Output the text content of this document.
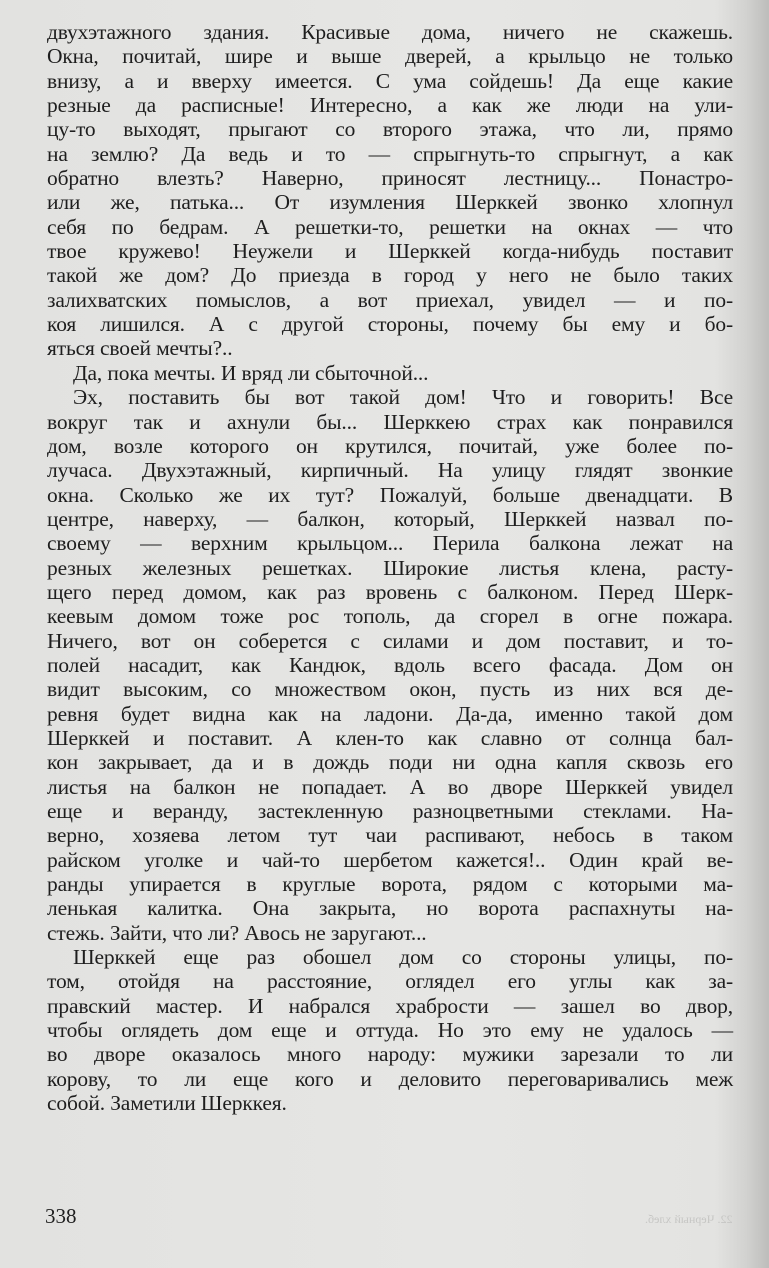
двухэтажного здания. Красивые дома, ничего не скажешь.
Окна, почитай, шире и выше дверей, а крыльцо не только
внизу, а и вверху имеется. С ума сойдешь! Да еще какие
резные да расписные! Интересно, а как же люди на ули-
цу-то выходят, прыгают со второго этажа, что ли, прямо
на землю? Да ведь и то — спрыгнуть-то спрыгнут, а как
обратно влезть? Наверно, приносят лестницу... Понастро-
или же, патька... От изумления Шерккей звонко хлопнул
себя по бедрам. А решетки-то, решетки на окнах — что
твое кружево! Неужели и Шерккей когда-нибудь поставит
такой же дом? До приезда в город у него не было таких
залихватских помыслов, а вот приехал, увидел — и по-
коя лишился. А с другой стороны, почему бы ему и бо-
яться своей мечты?..
Да, пока мечты. И вряд ли сбыточной...
Эх, поставить бы вот такой дом! Что и говорить! Все
вокруг так и ахнули бы... Шерккею страх как понравился
дом, возле которого он крутился, почитай, уже более по-
лучаса. Двухэтажный, кирпичный. На улицу глядят звонкие
окна. Сколько же их тут? Пожалуй, больше двенадцати. В
центре, наверху, — балкон, который, Шерккей назвал по-
своему — верхним крыльцом... Перила балкона лежат на
резных железных решетках. Широкие листья клена, расту-
щего перед домом, как раз вровень с балконом. Перед Шерк-
кеевым домом тоже рос тополь, да сгорел в огне пожара.
Ничего, вот он соберется с силами и дом поставит, и то-
полей насадит, как Кандюк, вдоль всего фасада. Дом он
видит высоким, со множеством окон, пусть из них вся де-
ревня будет видна как на ладони. Да-да, именно такой дом
Шерккей и поставит. А клен-то как славно от солнца бал-
кон закрывает, да и в дождь поди ни одна капля сквозь его
листья на балкон не попадает. А во дворе Шерккей увидел
еще и веранду, застекленную разноцветными стеклами. На-
верно, хозяева летом тут чаи распивают, небось в таком
райском уголке и чай-то шербетом кажется!.. Один край ве-
ранды упирается в круглые ворота, рядом с которыми ма-
ленькая калитка. Она закрыта, но ворота распахнуты на-
стежь. Зайти, что ли? Авось не заругают...
Шерккей еще раз обошел дом со стороны улицы, по-
том, отойдя на расстояние, оглядел его углы как за-
правский мастер. И набрался храбрости — зашел во двор,
чтобы оглядеть дом еще и оттуда. Но это ему не удалось —
во дворе оказалось много народу: мужики зарезали то ли
корову, то ли еще кого и деловито переговаривались меж
собой. Заметили Шерккея.
338	22. Черный хлеб.
